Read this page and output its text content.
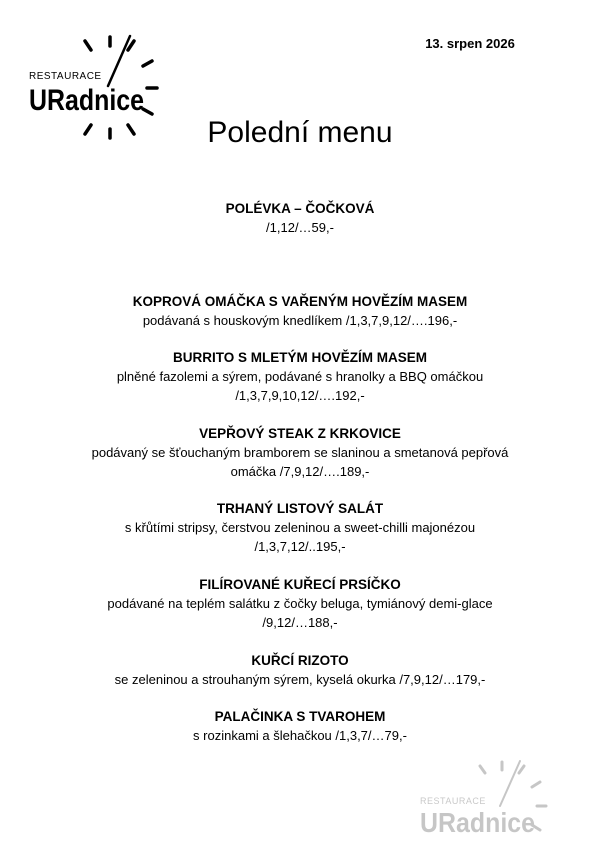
RESTAURACE
URadnice
13. srpen 2026
Polední menu
POLÉVKA – ČOČKOVÁ
/1,12/…59,-
KOPROVÁ OMÁČKA S VAŘENÝM HOVĚZÍM MASEM
podávaná s houskovým knedlíkem /1,3,7,9,12/….196,-
BURRITO S MLETÝM HOVĚZÍM MASEM
plněné fazolemi a sýrem, podávané s hranolky a BBQ omáčkou
/1,3,7,9,10,12/….192,-
VEPŘOVÝ STEAK Z KRKOVICE
podávaný se šťouchaným bramborem se slaninou a smetanová pepřová
omáčka /7,9,12/….189,-
TRHANÝ LISTOVÝ SALÁT
s křůtími stripsy, čerstvou zeleninou a sweet-chilli majonézou
/1,3,7,12/..195,-
FILÍROVANÉ KUŘECÍ PRSÍČKO
podávané na teplém salátku z čočky beluga, tymiánový demi-glace
/9,12/…188,-
KUŘCÍ RIZOTO
se zeleninou a strouhaným sýrem, kyselá okurka /7,9,12/…179,-
PALAČINKA S TVAROHEM
s rozinkami a šlehačkou /1,3,7/…79,-
RESTAURACE
URadnice
